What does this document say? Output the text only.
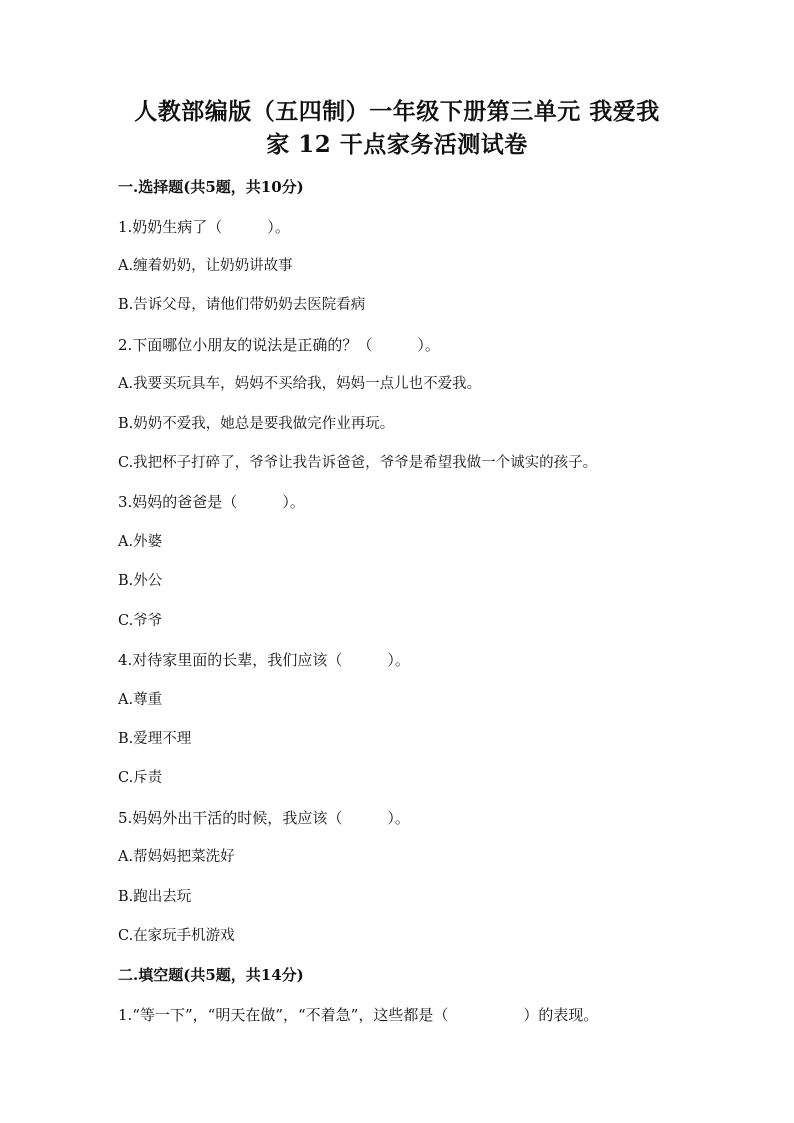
人教部编版（五四制）一年级下册第三单元 我爱我
家 12 干点家务活测试卷
一.选择题(共5题，共10分)
1.奶奶生病了（　　　）。
A.缠着奶奶，让奶奶讲故事
B.告诉父母，请他们带奶奶去医院看病
2.下面哪位小朋友的说法是正确的？（　　　）。
A.我要买玩具车，妈妈不买给我，妈妈一点儿也不爱我。
B.奶奶不爱我，她总是要我做完作业再玩。
C.我把杯子打碎了，爷爷让我告诉爸爸，爷爷是希望我做一个诚实的孩子。
3.妈妈的爸爸是（　　　）。
A.外婆
B.外公
C.爷爷
4.对待家里面的长辈，我们应该（　　　）。
A.尊重
B.爱理不理
C.斥责
5.妈妈外出干活的时候，我应该（　　　）。
A.帮妈妈把菜洗好
B.跑出去玩
C.在家玩手机游戏
二.填空题(共5题，共14分)
1.“等一下”，“明天在做”，“不着急”，这些都是（　　　　　）的表现。
